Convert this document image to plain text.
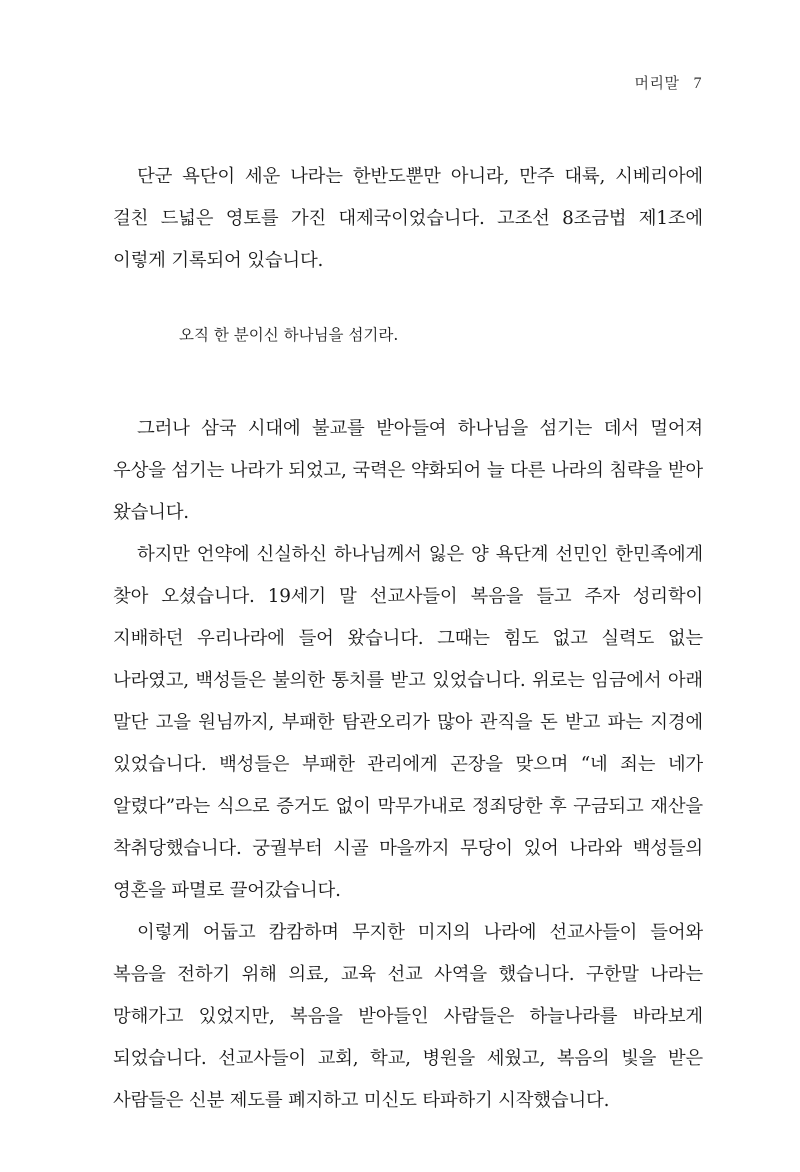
머리말 7

단군 욕단이 세운 나라는 한반도뿐만 아니라, 만주 대륙, 시베리아에 걸친 드넓은 영토를 가진 대제국이었습니다. 고조선 8조금법 제1조에 이렇게 기록되어 있습니다.

오직 한 분이신 하나님을 섬기라.

그러나 삼국 시대에 불교를 받아들여 하나님을 섬기는 데서 멀어져 우상을 섬기는 나라가 되었고, 국력은 약화되어 늘 다른 나라의 침략을 받아 왔습니다.

하지만 언약에 신실하신 하나님께서 잃은 양 욕단계 선민인 한민족에게 찾아 오셨습니다. 19세기 말 선교사들이 복음을 들고 주자 성리학이 지배하던 우리나라에 들어 왔습니다. 그때는 힘도 없고 실력도 없는 나라였고, 백성들은 불의한 통치를 받고 있었습니다. 위로는 임금에서 아래 말단 고을 원님까지, 부패한 탐관오리가 많아 관직을 돈 받고 파는 지경에 있었습니다. 백성들은 부패한 관리에게 곤장을 맞으며 “네 죄는 네가 알렸다”라는 식으로 증거도 없이 막무가내로 정죄당한 후 구금되고 재산을 착취당했습니다. 궁궐부터 시골 마을까지 무당이 있어 나라와 백성들의 영혼을 파멸로 끌어갔습니다.

이렇게 어둡고 캄캄하며 무지한 미지의 나라에 선교사들이 들어와 복음을 전하기 위해 의료, 교육 선교 사역을 했습니다. 구한말 나라는 망해가고 있었지만, 복음을 받아들인 사람들은 하늘나라를 바라보게 되었습니다. 선교사들이 교회, 학교, 병원을 세웠고, 복음의 빛을 받은 사람들은 신분 제도를 폐지하고 미신도 타파하기 시작했습니다.
